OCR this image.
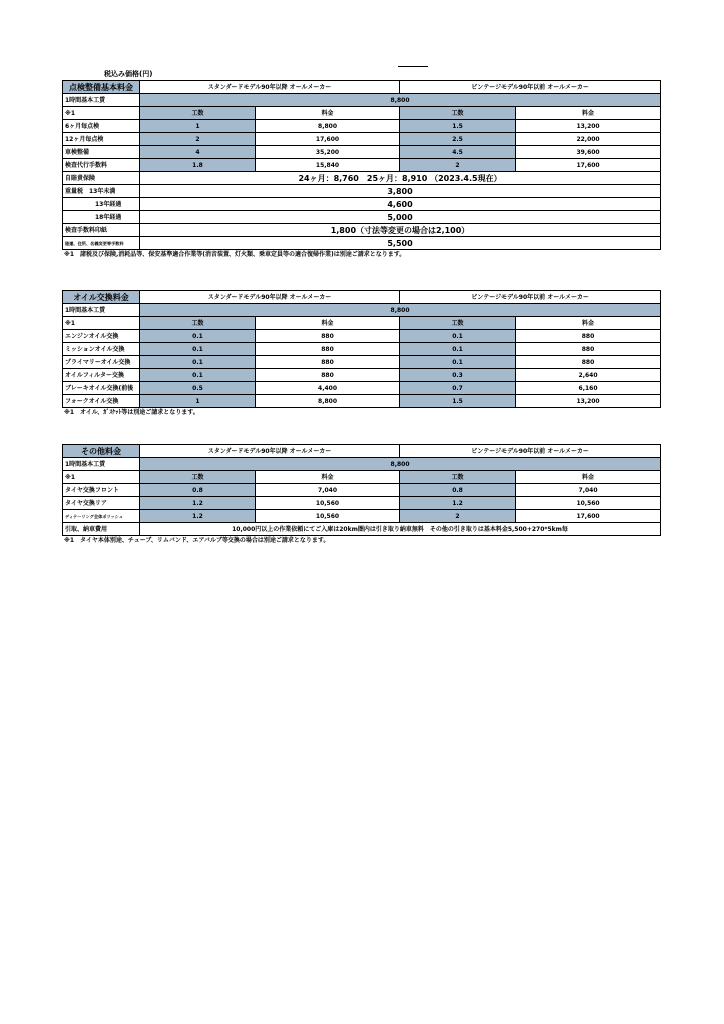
税込み価格(円)
点検整備基本料金	スタンダードモデル90年以降 オールメーカー		ビンテージモデル90年以前 オールメーカー	
1時間基本工賃	8,800			
※1	工数	料金	工数	料金
6ヶ月毎点検	1	8,800	1.5	13,200
12ヶ月毎点検	2	17,600	2.5	22,000
車検整備	4	35,200	4.5	39,600
検査代行手数料	1.8	15,840	2	17,600
自賠責保険	24ヶ月：8,760　25ヶ月：8,910 （2023.4.5現在）			
重量税　13年未満	3,800			
13年経過	4,600			
18年経過	5,000			
検査手数料印紙	1,800（寸法等変更の場合は2,100）			
陸運、住所、名義変更等手数料	5,500			
※1　諸税及び保険,消耗品等、保安基準適合作業等(消音装置、灯火類、乗車定員等の適合復帰作業)は別途ご請求となります。
オイル交換料金	スタンダードモデル90年以降 オールメーカー		ビンテージモデル90年以前 オールメーカー	
1時間基本工賃	8,800			
※1	工数	料金	工数	料金
エンジンオイル交換	0.1	880	0.1	880
ミッションオイル交換	0.1	880	0.1	880
プライマリーオイル交換	0.1	880	0.1	880
オイルフィルター交換	0.1	880	0.3	2,640
ブレーキオイル交換(前後	0.5	4,400	0.7	6,160
フォークオイル交換	1	8,800	1.5	13,200
※1　オイル、ｶﾞｽｹｯﾄ等は別途ご請求となります。
その他料金	スタンダードモデル90年以降 オールメーカー		ビンテージモデル90年以前 オールメーカー	
1時間基本工賃	8,800			
※1	工数	料金	工数	料金
タイヤ交換フロント	0.8	7,040	0.8	7,040
タイヤ交換リア	1.2	10,560	1.2	10,560
ディテーリング全体ポリッシュ	1.2	10,560	2	17,600
引取、納車費用	10,000円以上の作業依頼にてご入庫は20km圏内は引き取り納車無料　その他の引き取りは基本料金5,500+270*5km毎			
※1　タイヤ本体別途、チューブ、リムバンド、エアバルブ等交換の場合は別途ご請求となります。
